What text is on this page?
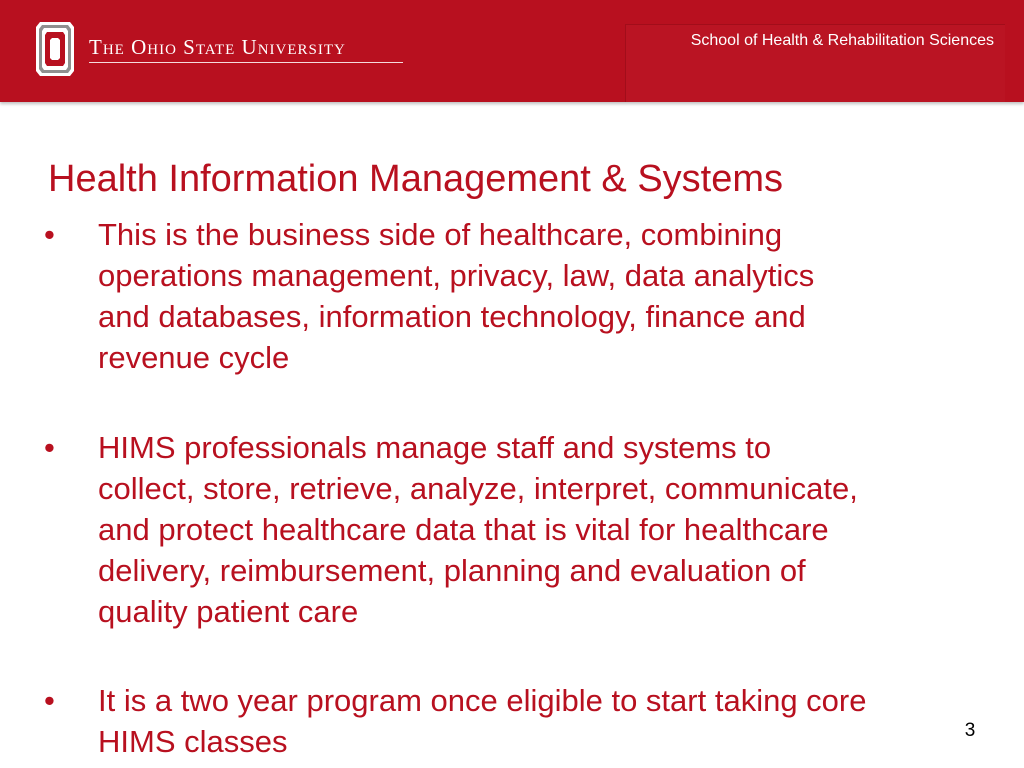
The Ohio State University	School of Health & Rehabilitation Sciences
Health Information Management & Systems
• This is the business side of healthcare, combining
operations management, privacy, law, data analytics
and databases, information technology, finance and
revenue cycle
• HIMS professionals manage staff and systems to
collect, store, retrieve, analyze, interpret, communicate,
and protect healthcare data that is vital for healthcare
delivery, reimbursement, planning and evaluation of
quality patient care
• It is a two year program once eligible to start taking core
HIMS classes	3
